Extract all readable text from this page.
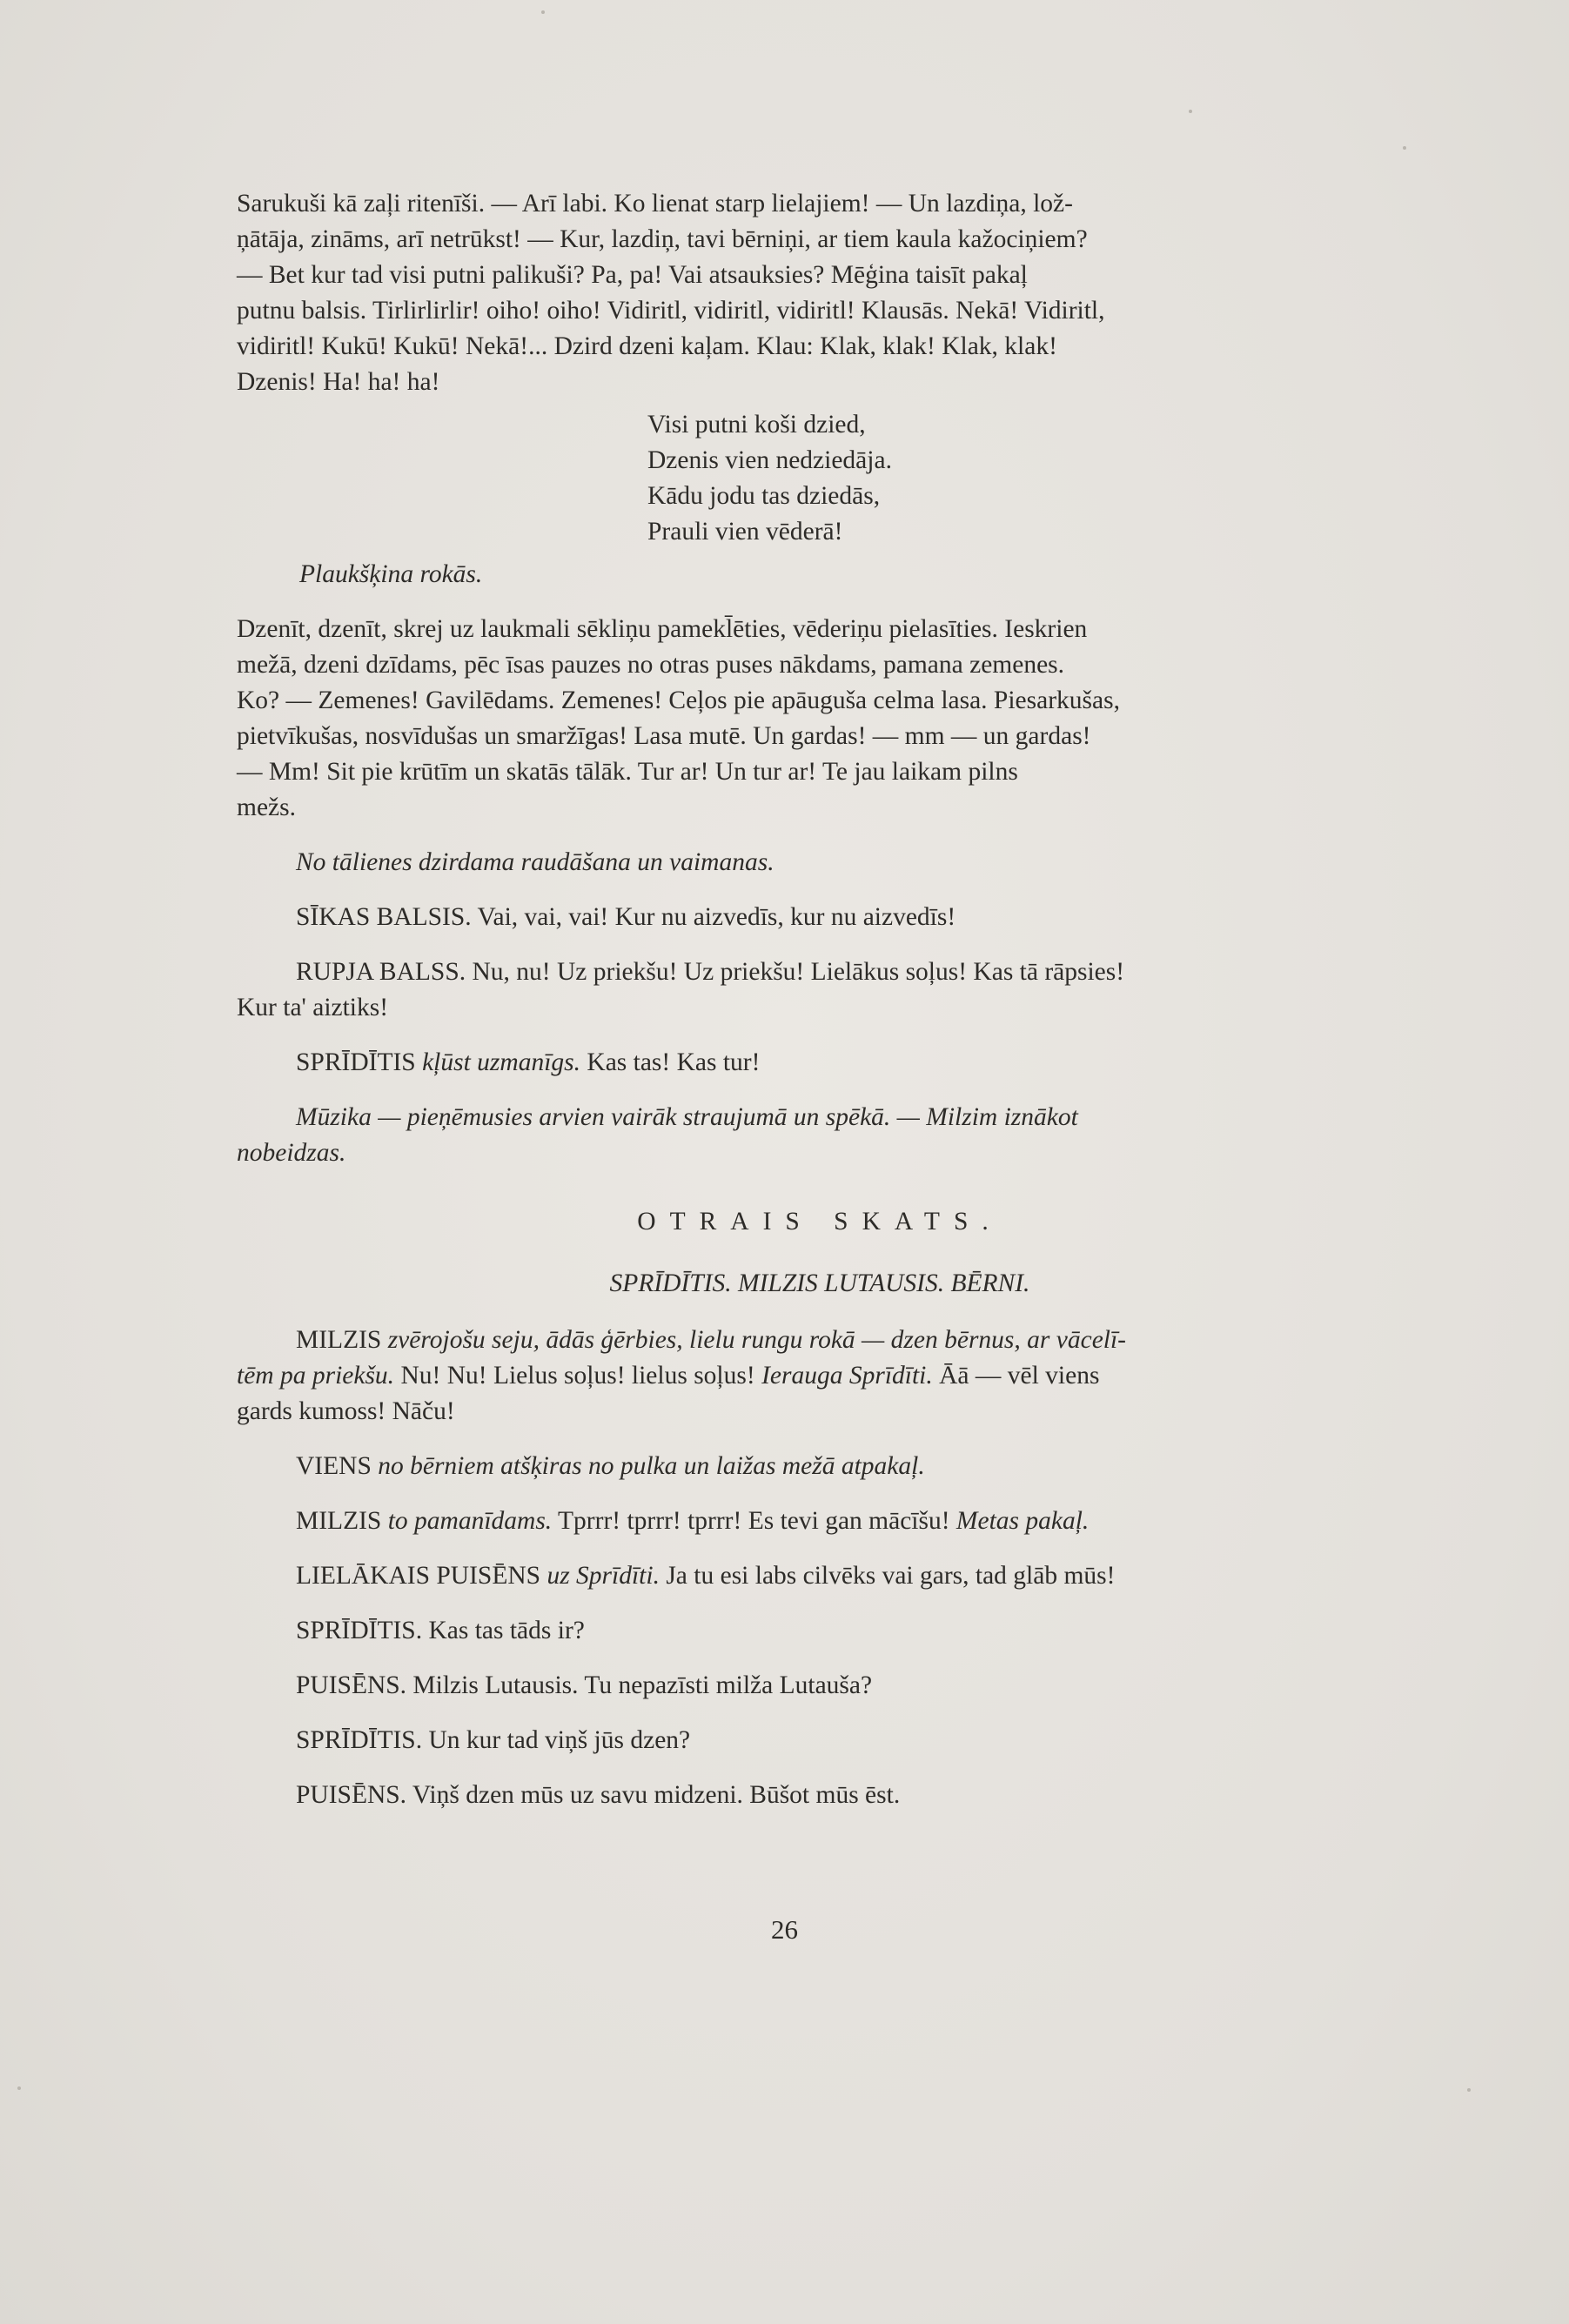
Sarukuši kā zaļi ritenīši. — Arī labi. Ko lienat starp lielajiem! — Un lazdiņa, lož-
ņātāja, zināms, arī netrūkst! — Kur, lazdiņ, tavi bērniņi, ar tiem kaula kažociņiem?
— Bet kur tad visi putni palikuši? Pa, pa! Vai atsauksies? Mēģina taisīt pakaļ
putnu balsis. Tirlirlirlir! oiho! oiho! Vidiritl, vidiritl, vidiritl! Klausās. Nekā! Vidiritl,
vidiritl! Kukū! Kukū! Nekā!... Dzird dzeni kaļam. Klau: Klak, klak! Klak, klak!
Dzenis! Ha! ha! ha!

Visi putni koši dzied,
Dzenis vien nedziedāja.
Kādu jodu tas dziedās,
Prauli vien vēderā!

Plaukšķina rokās.

Dzenīt, dzenīt, skrej uz laukmali sēkliņu pamekl̄ēties, vēderiņu pielasīties. Ieskrien
mežā, dzeni dzīdams, pēc īsas pauzes no otras puses nākdams, pamana zemenes.
Ko? — Zemenes! Gavilēdams. Zemenes! Ceļos pie apāuguša celma lasa. Piesarkušas,
pietvīkušas, nosvīdušas un smaržīgas! Lasa mutē. Un gardas! — mm — un gardas!
— Mm! Sit pie krūtīm un skatās tālāk. Tur ar! Un tur ar! Te jau laikam pilns
mežs.

No tālienes dzirdama raudāšana un vaimanas.

SĪKAS BALSIS. Vai, vai, vai! Kur nu aizvedīs, kur nu aizvedīs!

RUPJA BALSS. Nu, nu! Uz priekšu! Uz priekšu! Lielākus soļus! Kas tā rāpsies!
Kur ta' aiztiks!

SPRĪDĪTIS kļūst uzmanīgs. Kas tas! Kas tur!

Mūzika — pieņēmusies arvien vairāk straujumā un spēkā. — Milzim iznākot
nobeidzas.

OTRAIS SKATS.

SPRĪDĪTIS. MILZIS LUTAUSIS. BĒRNI.

MILZIS zvērojošu seju, ādās ģērbies, lielu rungu rokā — dzen bērnus, ar vācelī-
tēm pa priekšu. Nu! Nu! Lielus soļus! lielus soļus! Ierauga Sprīdīti. Āā — vēl viens
gards kumoss! Nāču!

VIENS no bērniem atšķiras no pulka un laižas mežā atpakaļ.

MILZIS to pamanīdams. Tprrr! tprrr! tprrr! Es tevi gan mācīšu! Metas pakaļ.

LIELĀKAIS PUISĒNS uz Sprīdīti. Ja tu esi labs cilvēks vai gars, tad glāb mūs!

SPRĪDĪTIS. Kas tas tāds ir?

PUISĒNS. Milzis Lutausis. Tu nepazīsti milža Lutauša?

SPRĪDĪTIS. Un kur tad viņš jūs dzen?

PUISĒNS. Viņš dzen mūs uz savu midzeni. Būšot mūs ēst.

26
